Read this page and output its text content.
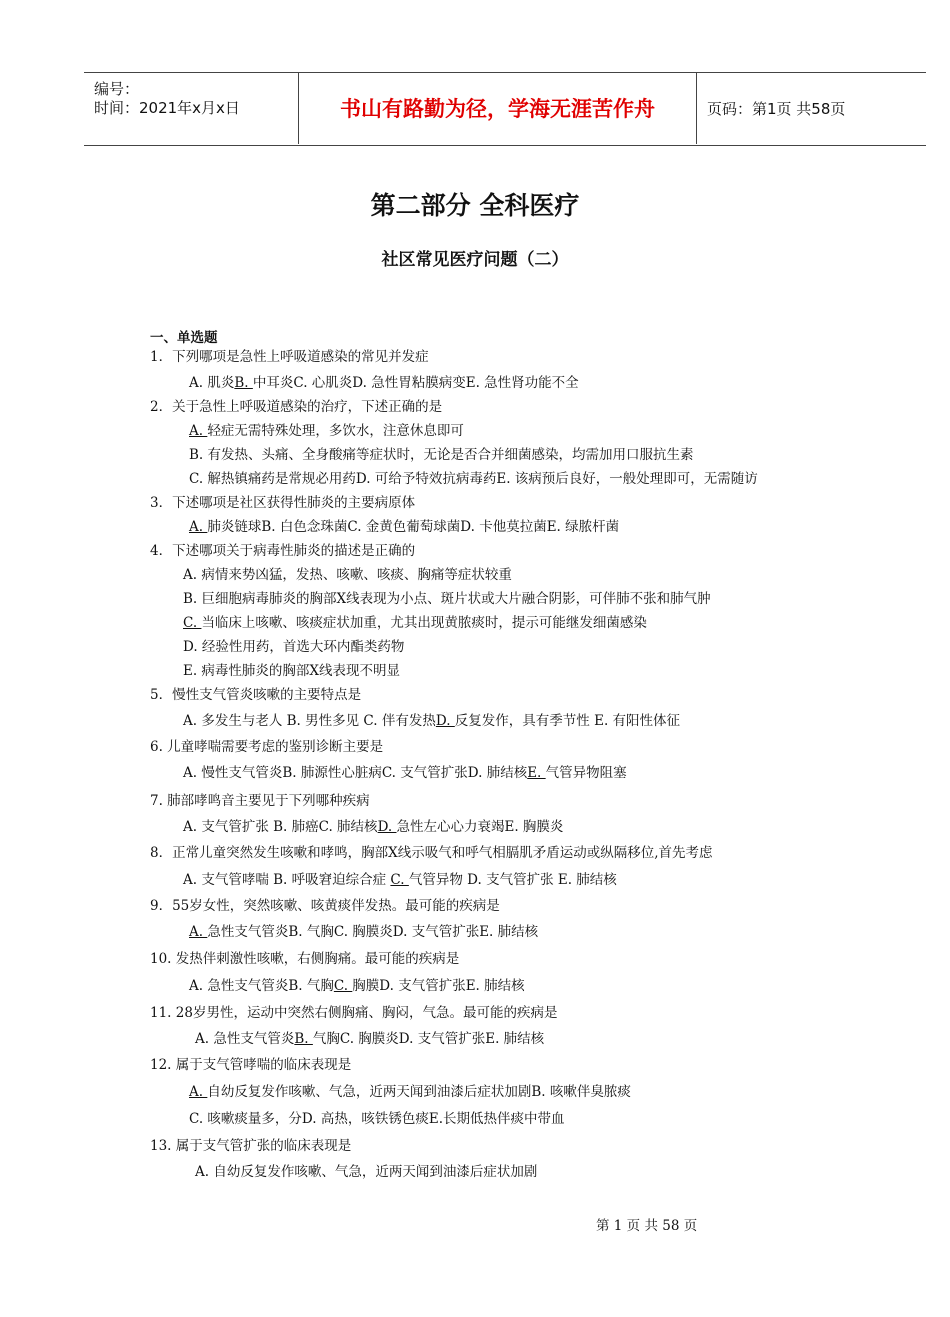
编号：
时间：2021年x月x日	书山有路勤为径，学海无涯苦作舟	页码：第1页 共58页
第二部分 全科医疗
社区常见医疗问题（二）
一、单选题
1．下列哪项是急性上呼吸道感染的常见并发症
A. 肌炎B. 中耳炎C. 心肌炎D. 急性胃粘膜病变E. 急性肾功能不全
2．关于急性上呼吸道感染的治疗，下述正确的是
A. 轻症无需特殊处理，多饮水，注意休息即可
B. 有发热、头痛、全身酸痛等症状时，无论是否合并细菌感染，均需加用口服抗生素
C. 解热镇痛药是常规必用药D. 可给予特效抗病毒药E. 该病预后良好，一般处理即可，无需随访
3．下述哪项是社区获得性肺炎的主要病原体
A. 肺炎链球B. 白色念珠菌C. 金黄色葡萄球菌D. 卡他莫拉菌E. 绿脓杆菌
4．下述哪项关于病毒性肺炎的描述是正确的
A. 病情来势凶猛，发热、咳嗽、咳痰、胸痛等症状较重
B. 巨细胞病毒肺炎的胸部X线表现为小点、斑片状或大片融合阴影，可伴肺不张和肺气肿
C. 当临床上咳嗽、咳痰症状加重，尤其出现黄脓痰时，提示可能继发细菌感染
D. 经验性用药，首选大环内酯类药物
E. 病毒性肺炎的胸部X线表现不明显
5．慢性支气管炎咳嗽的主要特点是
A. 多发生与老人 B. 男性多见 C. 伴有发热D. 反复发作，具有季节性 E. 有阳性体征
6. 儿童哮喘需要考虑的鉴别诊断主要是
A. 慢性支气管炎B. 肺源性心脏病C. 支气管扩张D. 肺结核E. 气管异物阻塞
7. 肺部哮鸣音主要见于下列哪种疾病
A. 支气管扩张 B. 肺癌C. 肺结核D. 急性左心心力衰竭E. 胸膜炎
8．正常儿童突然发生咳嗽和哮鸣，胸部X线示吸气和呼气相膈肌矛盾运动或纵隔移位,首先考虑
A. 支气管哮喘 B. 呼吸窘迫综合症 C. 气管异物 D. 支气管扩张 E. 肺结核
9．55岁女性，突然咳嗽、咳黄痰伴发热。最可能的疾病是
A. 急性支气管炎B. 气胸C. 胸膜炎D. 支气管扩张E. 肺结核
10. 发热伴刺激性咳嗽，右侧胸痛。最可能的疾病是
A. 急性支气管炎B. 气胸C. 胸膜D. 支气管扩张E. 肺结核
11. 28岁男性，运动中突然右侧胸痛、胸闷，气急。最可能的疾病是
A. 急性支气管炎B. 气胸C. 胸膜炎D. 支气管扩张E. 肺结核
12. 属于支气管哮喘的临床表现是
A. 自幼反复发作咳嗽、气急，近两天闻到油漆后症状加剧B. 咳嗽伴臭脓痰
C. 咳嗽痰量多，分D. 高热，咳铁锈色痰E.长期低热伴痰中带血
13. 属于支气管扩张的临床表现是
A. 自幼反复发作咳嗽、气急，近两天闻到油漆后症状加剧
第 1 页 共 58 页
